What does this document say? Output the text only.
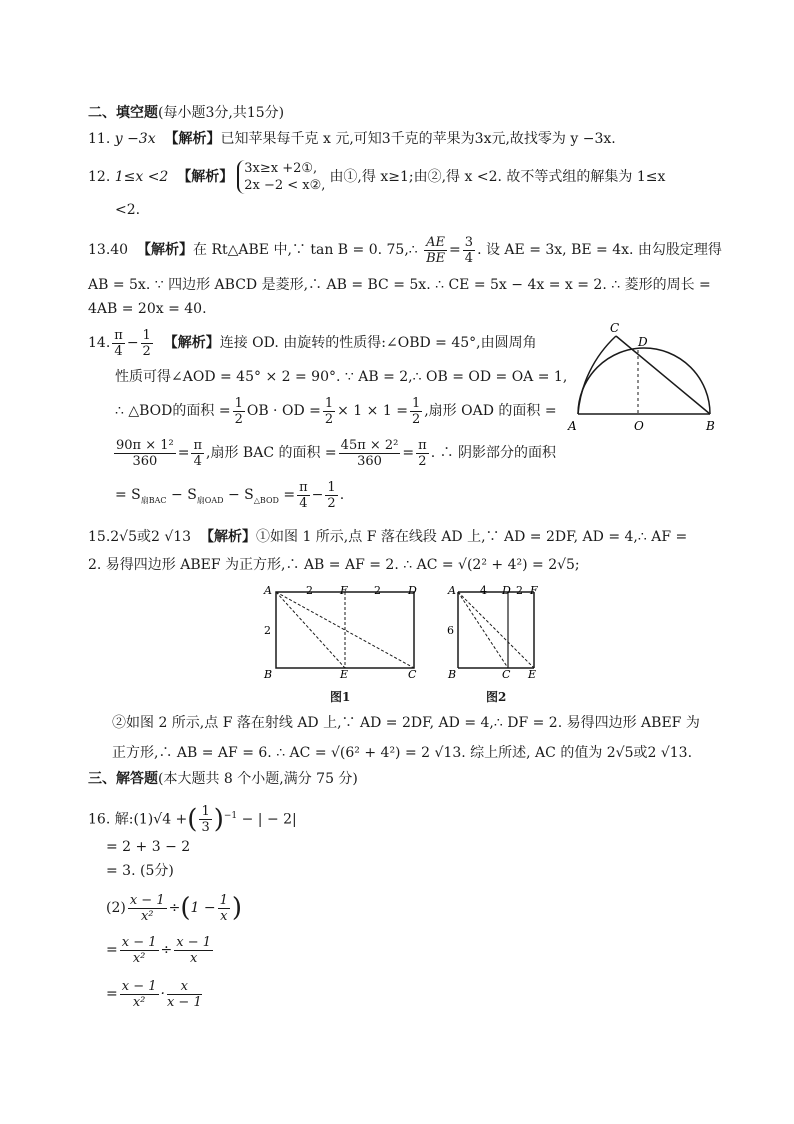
二、填空题(每小题3分,共15分)
11. y −3x 【解析】已知苹果每千克 x 元,可知3千克的苹果为3x元,故找零为 y −3x.
12. 1≤x <2 【解析】
3x≥x +2①,
2x −2 < x②,
由①,得 x≥1;由②,得 x <2. 故不等式组的解集为 1≤x
<2.
13.40 【解析】在 Rt△ABE 中,∵ tan B = 0. 75,∴ $\frac{AE}{BE} = \frac{3}{4}$ . 设 AE = 3x, BE = 4x. 由勾股定理得
AB = 5x. ∵ 四边形 ABCD 是菱形,∴ AB = BC = 5x. ∴ CE = 5x − 4x = x = 2. ∴ 菱形的周长 =
4AB = 20x = 40.
14. $\frac{\pi}{4} - \frac{1}{2}$ 【解析】连接 OD. 由旋转的性质得:∠OBD = 45°,由圆周角
性质可得∠AOD = 45° × 2 = 90°. ∵ AB = 2,∴ OB = OD = OA = 1,
∴ △BOD的面积 = $\frac{1}{2}$ OB · OD = $\frac{1}{2} \times 1 \times 1 = \frac{1}{2}$ ,扇形 OAD 的面积 =
$\frac{\text{90π × 1²}}{360} = \frac{\pi}{4}$ ,扇形 BAC 的面积 = $\frac{\text{45π × 2²}}{360} = \frac{\pi}{2}$ . ∴ 阴影部分的面积
= $S_{扇BAC} - S_{扇OAD} - S_{\triangle BOD} = \frac{\pi}{4} - \frac{1}{2}$ .
C
D
A	O	B
15.2√5或2 √13 【解析】①如图 1 所示,点 F 落在线段 AD 上,∵ AD = 2DF, AD = 4,∴ AF =
2. 易得四边形 ABEF 为正方形,∴ AB = AF = 2. ∴ AC = √(2² + 4²) = 2√5;
A	2 F 2 D
2
B	E	C
图1
A 4 D 2 F
6
B	C E
图2
②如图 2 所示,点 F 落在射线 AD 上,∵ AD = 2DF, AD = 4,∴ DF = 2. 易得四边形 ABEF 为
正方形,∴ AB = AF = 6. ∴ AC = √(6² + 4²) = 2 √13. 综上所述, AC 的值为 2√5或2 √13.
三、解答题(本大题共 8 个小题,满分 75 分)
16. 解:(1)√4 +( $\frac{1}{3} )^{-1}$ − | − 2|
= 2 + 3 − 2
= 3. (5分)
$(2) \frac{x - 1}{\text{x²}} \div(1 - \frac{1}{x}$ )
= $\frac{x - 1}{\text{x²}} \div \frac{x - 1}{x}$
= $\frac{x - 1}{\text{x²}} \cdot \frac{x}{x - 1}$
